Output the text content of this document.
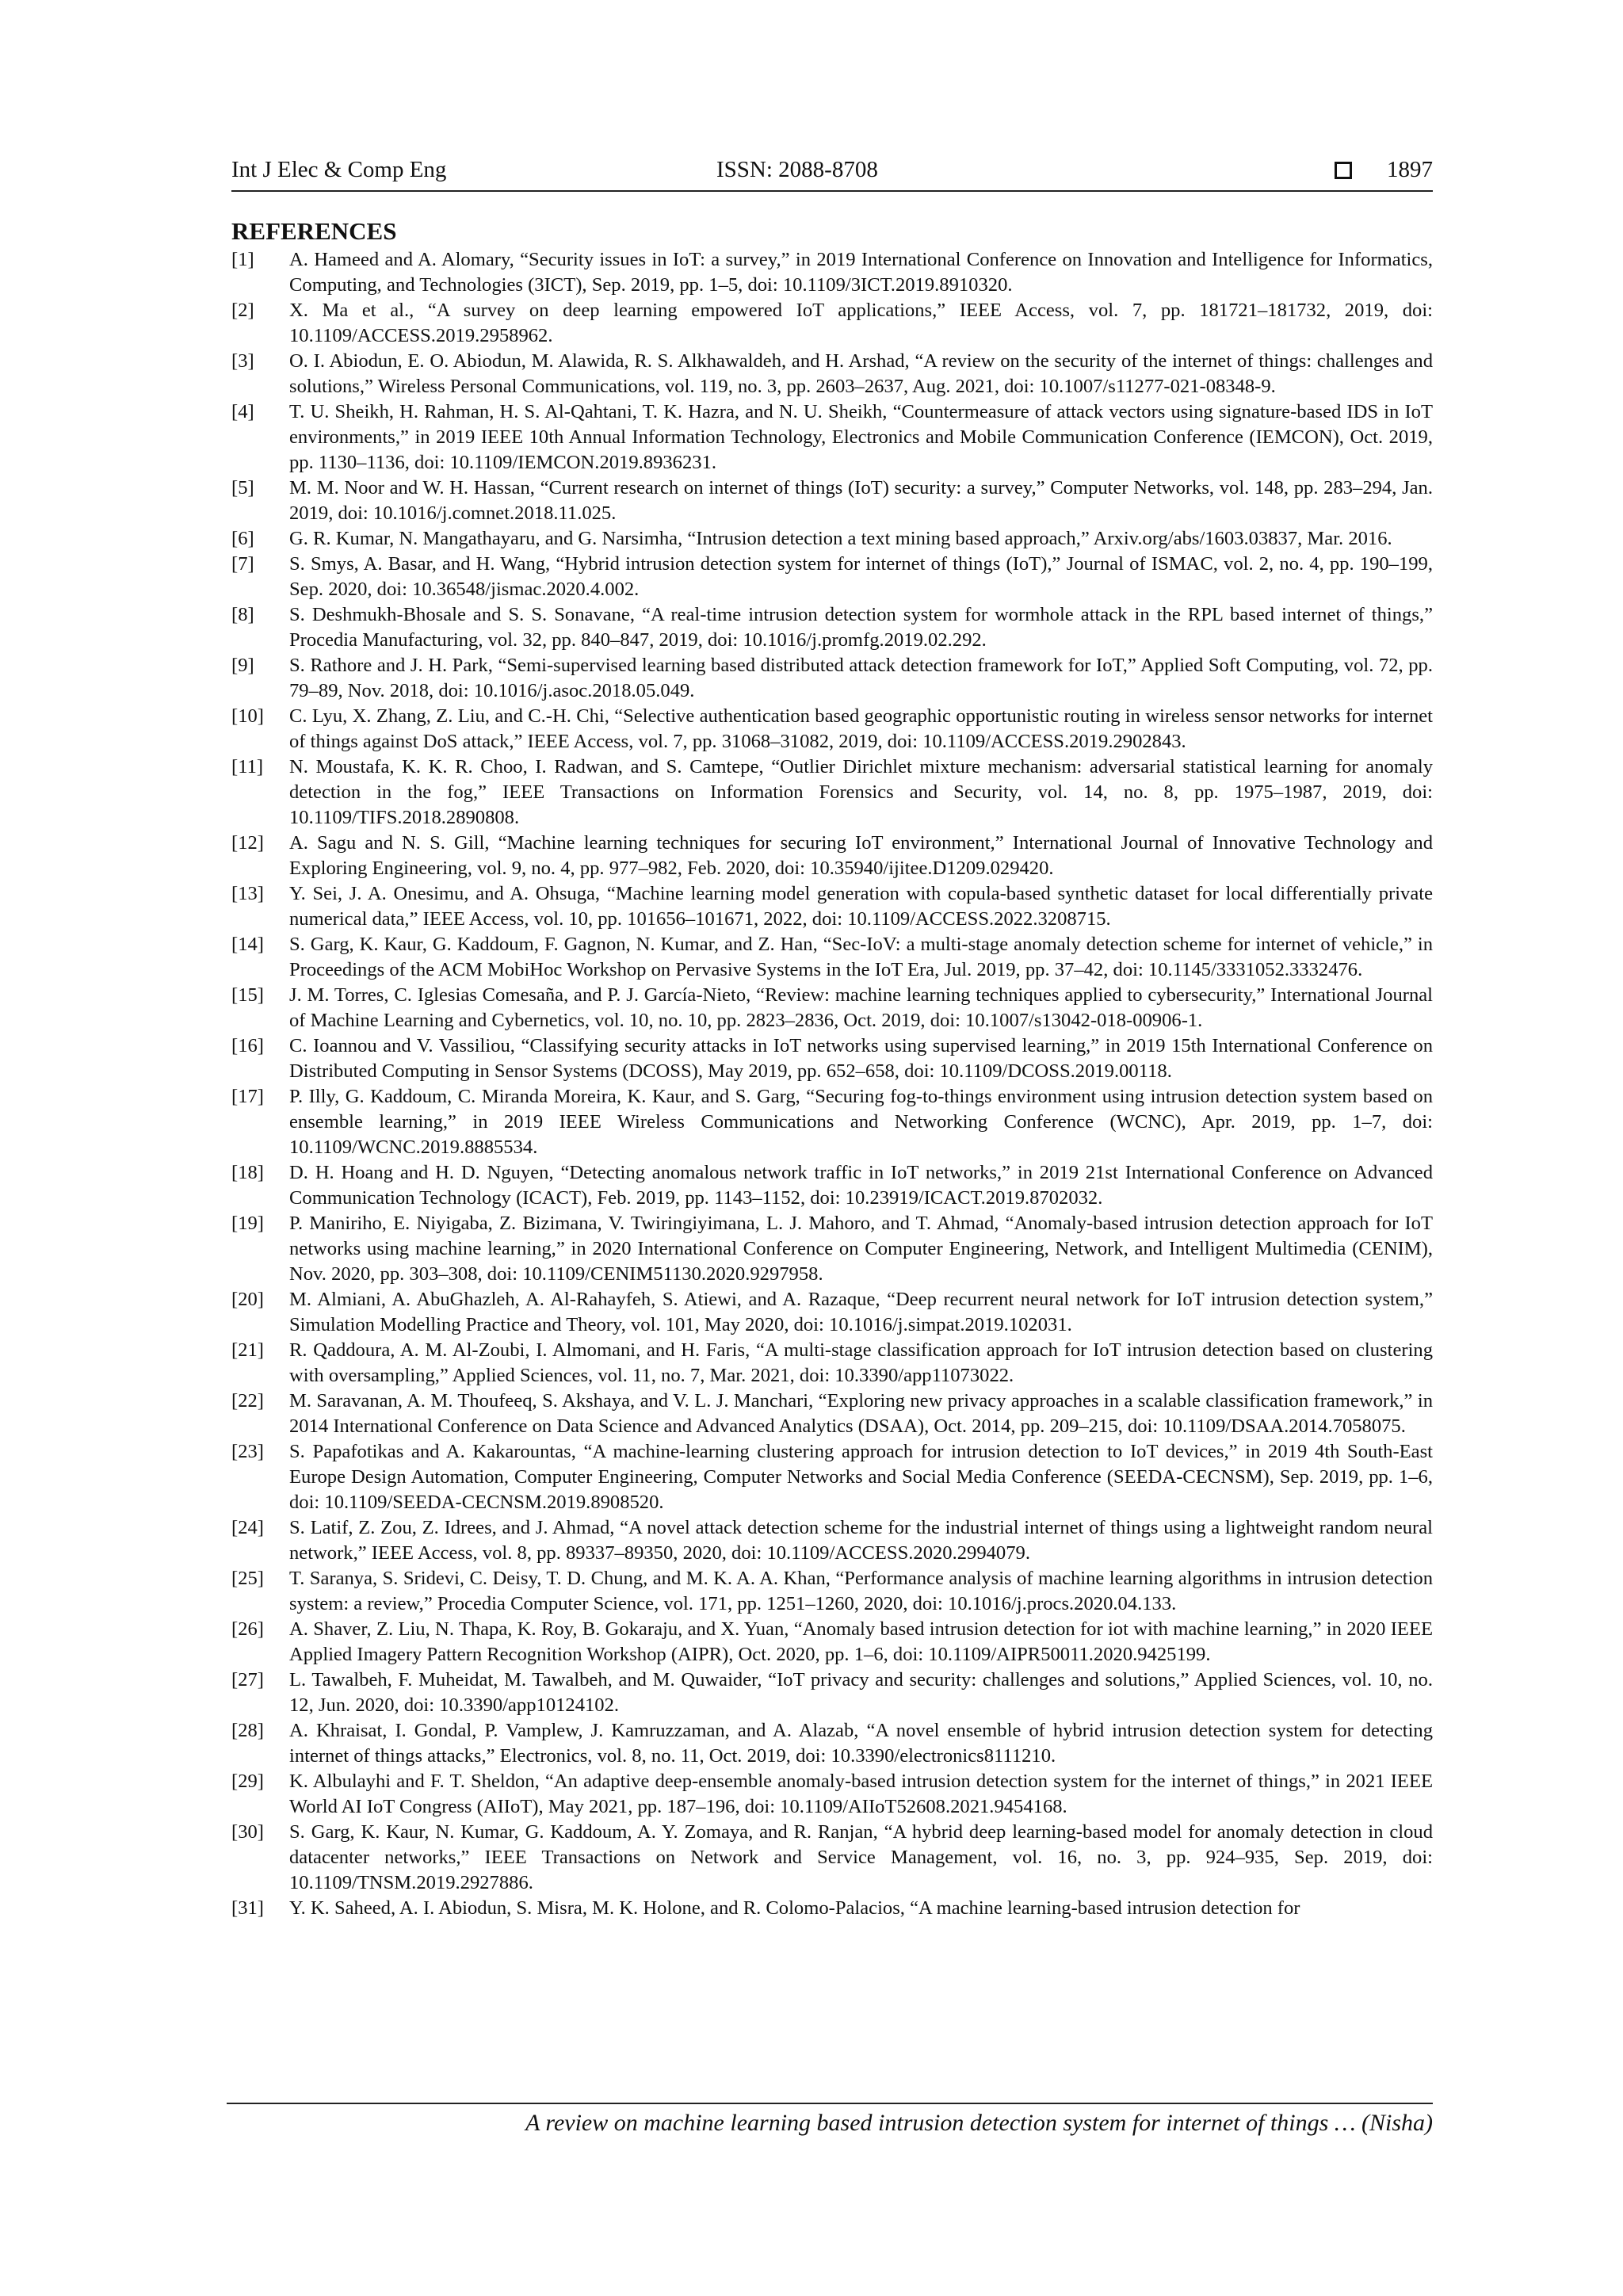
Int J Elec & Comp Eng	ISSN: 2088-8708	1897
REFERENCES
[1] A. Hameed and A. Alomary, “Security issues in IoT: a survey,” in 2019 International Conference on Innovation and Intelligence for Informatics, Computing, and Technologies (3ICT), Sep. 2019, pp. 1–5, doi: 10.1109/3ICT.2019.8910320.
[2] X. Ma et al., “A survey on deep learning empowered IoT applications,” IEEE Access, vol. 7, pp. 181721–181732, 2019, doi: 10.1109/ACCESS.2019.2958962.
[3] O. I. Abiodun, E. O. Abiodun, M. Alawida, R. S. Alkhawaldeh, and H. Arshad, “A review on the security of the internet of things: challenges and solutions,” Wireless Personal Communications, vol. 119, no. 3, pp. 2603–2637, Aug. 2021, doi: 10.1007/s11277-021-08348-9.
[4] T. U. Sheikh, H. Rahman, H. S. Al-Qahtani, T. K. Hazra, and N. U. Sheikh, “Countermeasure of attack vectors using signature-based IDS in IoT environments,” in 2019 IEEE 10th Annual Information Technology, Electronics and Mobile Communication Conference (IEMCON), Oct. 2019, pp. 1130–1136, doi: 10.1109/IEMCON.2019.8936231.
[5] M. M. Noor and W. H. Hassan, “Current research on internet of things (IoT) security: a survey,” Computer Networks, vol. 148, pp. 283–294, Jan. 2019, doi: 10.1016/j.comnet.2018.11.025.
[6] G. R. Kumar, N. Mangathayaru, and G. Narsimha, “Intrusion detection a text mining based approach,” Arxiv.org/abs/1603.03837, Mar. 2016.
[7] S. Smys, A. Basar, and H. Wang, “Hybrid intrusion detection system for internet of things (IoT),” Journal of ISMAC, vol. 2, no. 4, pp. 190–199, Sep. 2020, doi: 10.36548/jismac.2020.4.002.
[8] S. Deshmukh-Bhosale and S. S. Sonavane, “A real-time intrusion detection system for wormhole attack in the RPL based internet of things,” Procedia Manufacturing, vol. 32, pp. 840–847, 2019, doi: 10.1016/j.promfg.2019.02.292.
[9] S. Rathore and J. H. Park, “Semi-supervised learning based distributed attack detection framework for IoT,” Applied Soft Computing, vol. 72, pp. 79–89, Nov. 2018, doi: 10.1016/j.asoc.2018.05.049.
[10] C. Lyu, X. Zhang, Z. Liu, and C.-H. Chi, “Selective authentication based geographic opportunistic routing in wireless sensor networks for internet of things against DoS attack,” IEEE Access, vol. 7, pp. 31068–31082, 2019, doi: 10.1109/ACCESS.2019.2902843.
[11] N. Moustafa, K. K. R. Choo, I. Radwan, and S. Camtepe, “Outlier Dirichlet mixture mechanism: adversarial statistical learning for anomaly detection in the fog,” IEEE Transactions on Information Forensics and Security, vol. 14, no. 8, pp. 1975–1987, 2019, doi: 10.1109/TIFS.2018.2890808.
[12] A. Sagu and N. S. Gill, “Machine learning techniques for securing IoT environment,” International Journal of Innovative Technology and Exploring Engineering, vol. 9, no. 4, pp. 977–982, Feb. 2020, doi: 10.35940/ijitee.D1209.029420.
[13] Y. Sei, J. A. Onesimu, and A. Ohsuga, “Machine learning model generation with copula-based synthetic dataset for local differentially private numerical data,” IEEE Access, vol. 10, pp. 101656–101671, 2022, doi: 10.1109/ACCESS.2022.3208715.
[14] S. Garg, K. Kaur, G. Kaddoum, F. Gagnon, N. Kumar, and Z. Han, “Sec-IoV: a multi-stage anomaly detection scheme for internet of vehicle,” in Proceedings of the ACM MobiHoc Workshop on Pervasive Systems in the IoT Era, Jul. 2019, pp. 37–42, doi: 10.1145/3331052.3332476.
[15] J. M. Torres, C. Iglesias Comesaña, and P. J. García-Nieto, “Review: machine learning techniques applied to cybersecurity,” International Journal of Machine Learning and Cybernetics, vol. 10, no. 10, pp. 2823–2836, Oct. 2019, doi: 10.1007/s13042-018-00906-1.
[16] C. Ioannou and V. Vassiliou, “Classifying security attacks in IoT networks using supervised learning,” in 2019 15th International Conference on Distributed Computing in Sensor Systems (DCOSS), May 2019, pp. 652–658, doi: 10.1109/DCOSS.2019.00118.
[17] P. Illy, G. Kaddoum, C. Miranda Moreira, K. Kaur, and S. Garg, “Securing fog-to-things environment using intrusion detection system based on ensemble learning,” in 2019 IEEE Wireless Communications and Networking Conference (WCNC), Apr. 2019, pp. 1–7, doi: 10.1109/WCNC.2019.8885534.
[18] D. H. Hoang and H. D. Nguyen, “Detecting anomalous network traffic in IoT networks,” in 2019 21st International Conference on Advanced Communication Technology (ICACT), Feb. 2019, pp. 1143–1152, doi: 10.23919/ICACT.2019.8702032.
[19] P. Maniriho, E. Niyigaba, Z. Bizimana, V. Twiringiyimana, L. J. Mahoro, and T. Ahmad, “Anomaly-based intrusion detection approach for IoT networks using machine learning,” in 2020 International Conference on Computer Engineering, Network, and Intelligent Multimedia (CENIM), Nov. 2020, pp. 303–308, doi: 10.1109/CENIM51130.2020.9297958.
[20] M. Almiani, A. AbuGhazleh, A. Al-Rahayfeh, S. Atiewi, and A. Razaque, “Deep recurrent neural network for IoT intrusion detection system,” Simulation Modelling Practice and Theory, vol. 101, May 2020, doi: 10.1016/j.simpat.2019.102031.
[21] R. Qaddoura, A. M. Al-Zoubi, I. Almomani, and H. Faris, “A multi-stage classification approach for IoT intrusion detection based on clustering with oversampling,” Applied Sciences, vol. 11, no. 7, Mar. 2021, doi: 10.3390/app11073022.
[22] M. Saravanan, A. M. Thoufeeq, S. Akshaya, and V. L. J. Manchari, “Exploring new privacy approaches in a scalable classification framework,” in 2014 International Conference on Data Science and Advanced Analytics (DSAA), Oct. 2014, pp. 209–215, doi: 10.1109/DSAA.2014.7058075.
[23] S. Papafotikas and A. Kakarountas, “A machine-learning clustering approach for intrusion detection to IoT devices,” in 2019 4th South-East Europe Design Automation, Computer Engineering, Computer Networks and Social Media Conference (SEEDA-CECNSM), Sep. 2019, pp. 1–6, doi: 10.1109/SEEDA-CECNSM.2019.8908520.
[24] S. Latif, Z. Zou, Z. Idrees, and J. Ahmad, “A novel attack detection scheme for the industrial internet of things using a lightweight random neural network,” IEEE Access, vol. 8, pp. 89337–89350, 2020, doi: 10.1109/ACCESS.2020.2994079.
[25] T. Saranya, S. Sridevi, C. Deisy, T. D. Chung, and M. K. A. A. Khan, “Performance analysis of machine learning algorithms in intrusion detection system: a review,” Procedia Computer Science, vol. 171, pp. 1251–1260, 2020, doi: 10.1016/j.procs.2020.04.133.
[26] A. Shaver, Z. Liu, N. Thapa, K. Roy, B. Gokaraju, and X. Yuan, “Anomaly based intrusion detection for iot with machine learning,” in 2020 IEEE Applied Imagery Pattern Recognition Workshop (AIPR), Oct. 2020, pp. 1–6, doi: 10.1109/AIPR50011.2020.9425199.
[27] L. Tawalbeh, F. Muheidat, M. Tawalbeh, and M. Quwaider, “IoT privacy and security: challenges and solutions,” Applied Sciences, vol. 10, no. 12, Jun. 2020, doi: 10.3390/app10124102.
[28] A. Khraisat, I. Gondal, P. Vamplew, J. Kamruzzaman, and A. Alazab, “A novel ensemble of hybrid intrusion detection system for detecting internet of things attacks,” Electronics, vol. 8, no. 11, Oct. 2019, doi: 10.3390/electronics8111210.
[29] K. Albulayhi and F. T. Sheldon, “An adaptive deep-ensemble anomaly-based intrusion detection system for the internet of things,” in 2021 IEEE World AI IoT Congress (AIIoT), May 2021, pp. 187–196, doi: 10.1109/AIIoT52608.2021.9454168.
[30] S. Garg, K. Kaur, N. Kumar, G. Kaddoum, A. Y. Zomaya, and R. Ranjan, “A hybrid deep learning-based model for anomaly detection in cloud datacenter networks,” IEEE Transactions on Network and Service Management, vol. 16, no. 3, pp. 924–935, Sep. 2019, doi: 10.1109/TNSM.2019.2927886.
[31] Y. K. Saheed, A. I. Abiodun, S. Misra, M. K. Holone, and R. Colomo-Palacios, “A machine learning-based intrusion detection for
A review on machine learning based intrusion detection system for internet of things … (Nisha)
